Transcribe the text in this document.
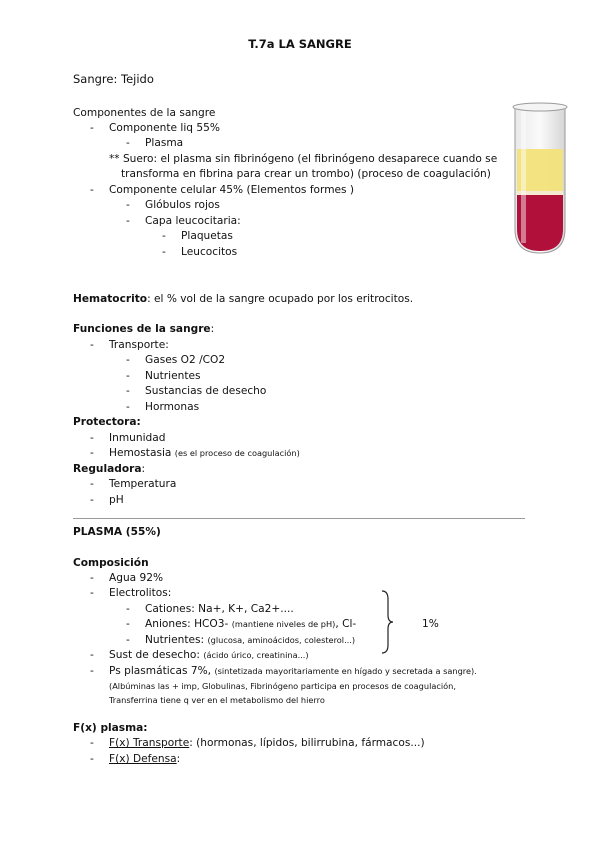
T.7a LA SANGRE
Sangre: Tejido
Componentes de la sangre
- Componente liq 55%
- Plasma
** Suero: el plasma sin fibrinógeno (el fibrinógeno desaparece cuando se
transforma en fibrina para crear un trombo) (proceso de coagulación)
- Componente celular 45% (Elementos formes )
- Glóbulos rojos
- Capa leucocitaria:
- Plaquetas
- Leucocitos
Hematocrito: el % vol de la sangre ocupado por los eritrocitos.
Funciones de la sangre:
- Transporte:
- Gases O2 /CO2
- Nutrientes
- Sustancias de desecho
- Hormonas
Protectora:
- Inmunidad
- Hemostasia (es el proceso de coagulación)
Reguladora:
- Temperatura
- pH
PLASMA (55%)
Composición
- Agua 92%
- Electrolitos:
- Cationes: Na+, K+, Ca2+....
- Aniones: HCO3- (mantiene niveles de pH), Cl-
- Nutrientes: (glucosa, aminoácidos, colesterol...)
1%
- Sust de desecho: (ácido úrico, creatinina...)
- Ps plasmáticas 7%, (sintetizada mayoritariamente en hígado y secretada a sangre).
(Albúminas las + imp, Globulinas, Fibrinógeno participa en procesos de coagulación,
Transferrina tiene q ver en el metabolismo del hierro
F(x) plasma:
- F(x) Transporte: (hormonas, lípidos, bilirrubina, fármacos...)
- F(x) Defensa:
